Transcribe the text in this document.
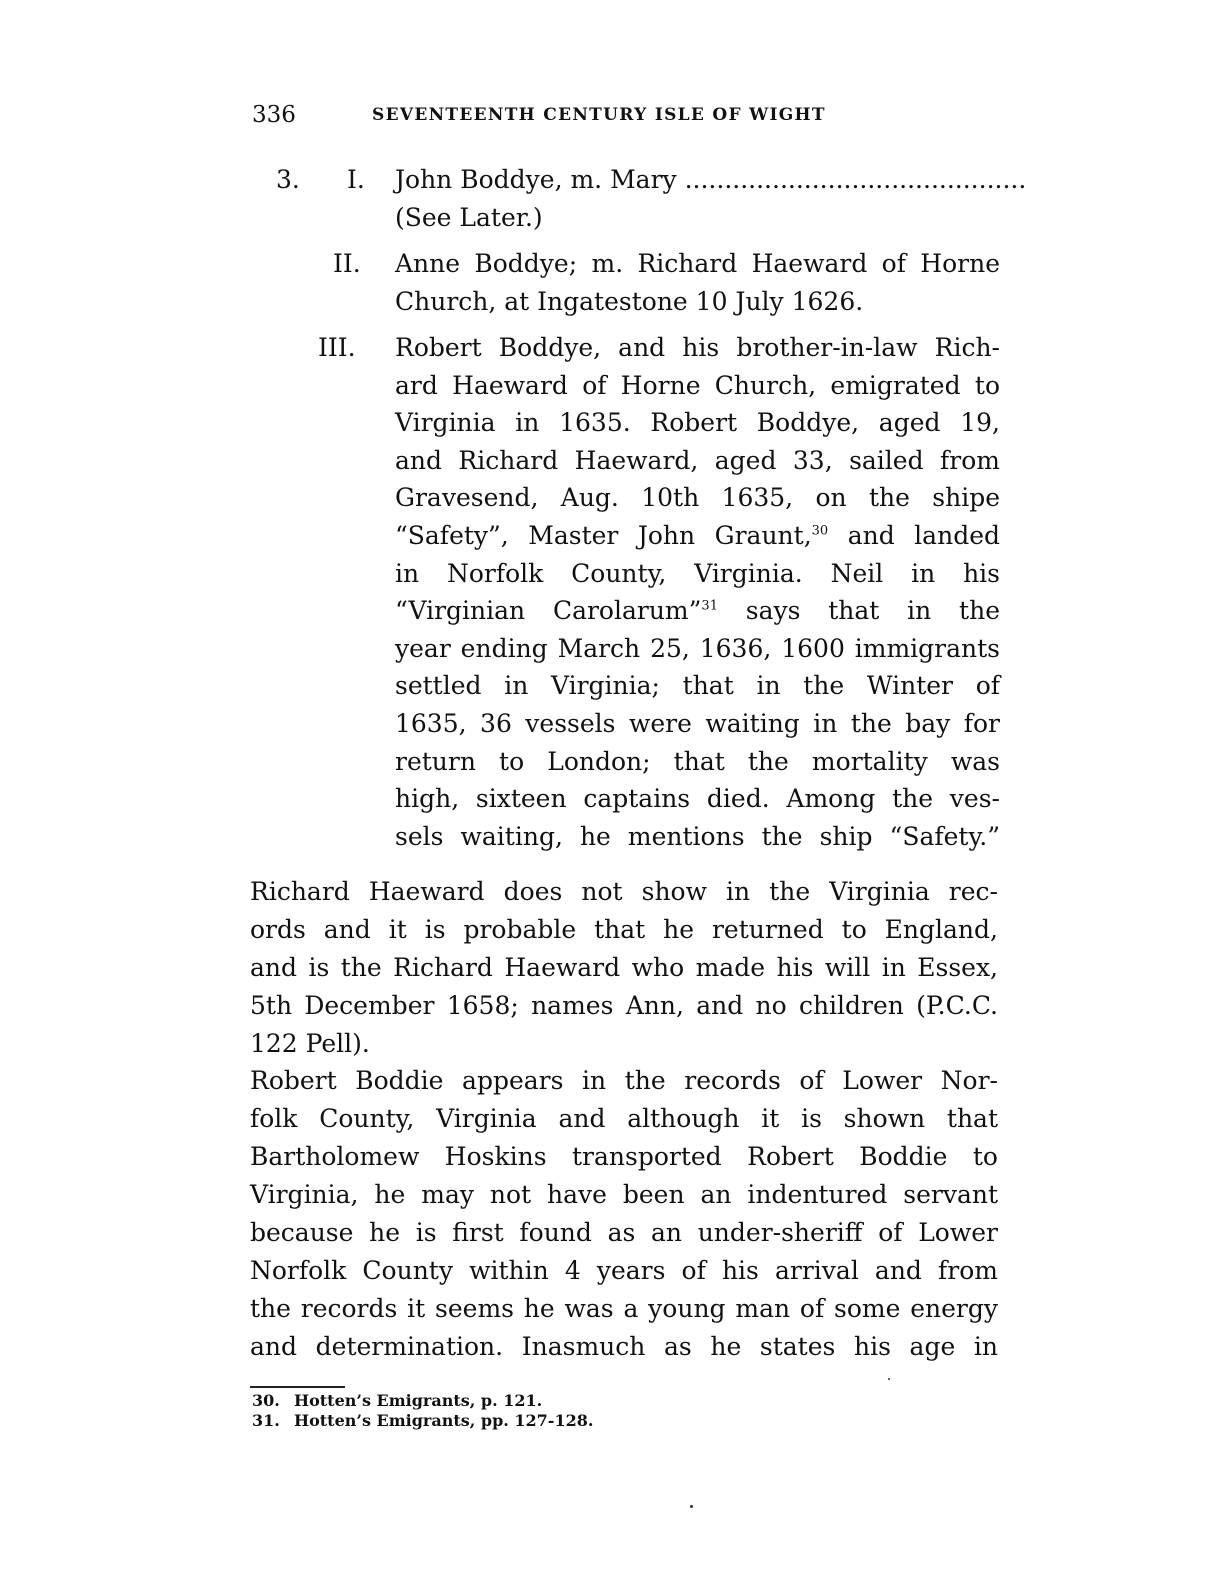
336	SEVENTEENTH CENTURY ISLE OF WIGHT
3. I. John Boddye, m. Mary ...........................................
(See Later.)
II. Anne Boddye; m. Richard Haeward of Horne
Church, at Ingatestone 10 July 1626.
III. Robert Boddye, and his brother-in-law Rich-
ard Haeward of Horne Church, emigrated to
Virginia in 1635. Robert Boddye, aged 19,
and Richard Haeward, aged 33, sailed from
Gravesend, Aug. 10th 1635, on the shipe
“Safety”, Master John Graunt,$^{30}$ and landed
in Norfolk County, Virginia. Neil in his
“Virginian Carolarum”$^{31}$ says that in the
year ending March 25, 1636, 1600 immigrants
settled in Virginia; that in the Winter of
1635, 36 vessels were waiting in the bay for
return to London; that the mortality was
high, sixteen captains died. Among the ves-
sels waiting, he mentions the ship “Safety.”
Richard Haeward does not show in the Virginia rec-
ords and it is probable that he returned to England,
and is the Richard Haeward who made his will in Essex,
5th December 1658; names Ann, and no children (P.C.C.
122 Pell).
Robert Boddie appears in the records of Lower Nor-
folk County, Virginia and although it is shown that
Bartholomew Hoskins transported Robert Boddie to
Virginia, he may not have been an indentured servant
because he is first found as an under-sheriff of Lower
Norfolk County within 4 years of his arrival and from
the records it seems he was a young man of some energy
and determination. Inasmuch as he states his age in
30. Hotten’s Emigrants, p. 121.
31. Hotten’s Emigrants, pp. 127-128.
